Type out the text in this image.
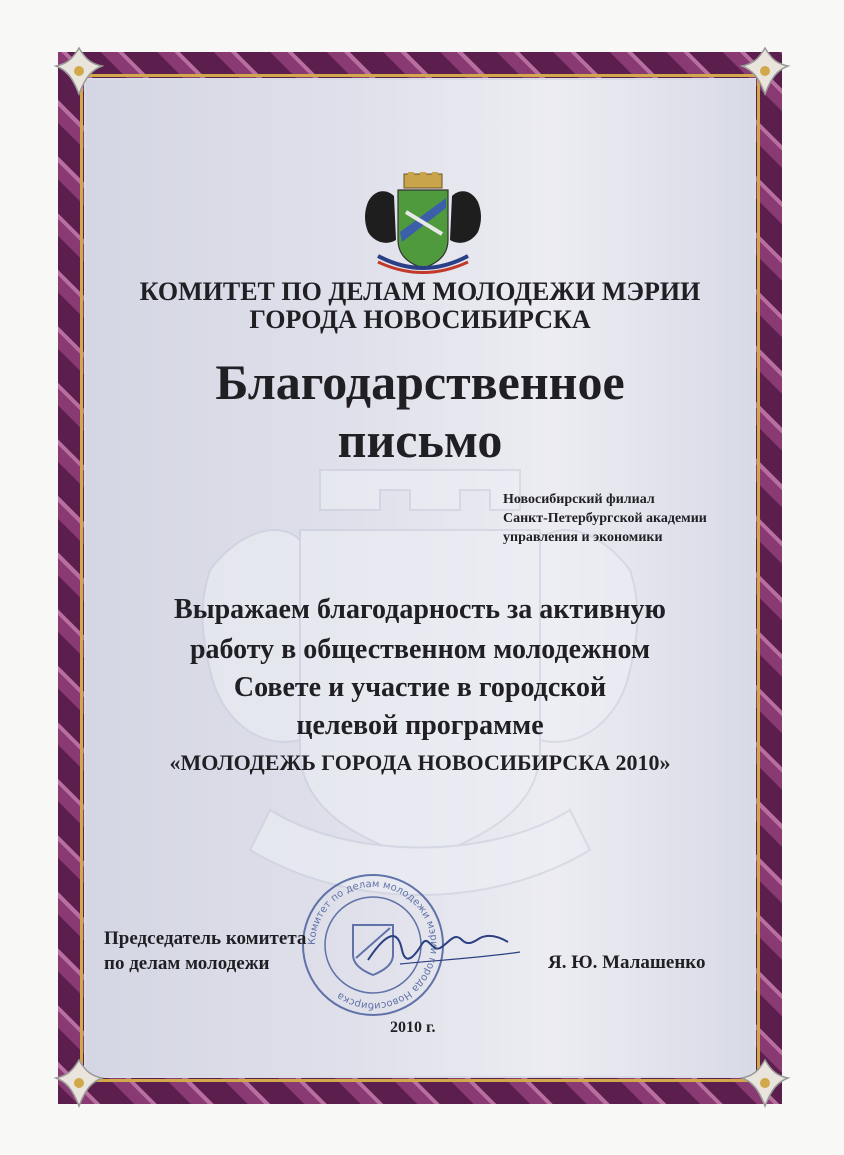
КОМИТЕТ ПО ДЕЛАМ МОЛОДЕЖИ МЭРИИ
ГОРОДА НОВОСИБИРСКА
Благодарственное
письмо
Новосибирский филиал
Санкт-Петербургской академии
управления и экономики
Выражаем благодарность за активную
работу в общественном молодежном
Совете и участие в городской
целевой программе
«МОЛОДЕЖЬ ГОРОДА НОВОСИБИРСКА 2010»
Комитет по делам молодежи мэрии города Новосибирска
Председатель комитета
по делам молодежи	Я. Ю. Малашенко
2010 г.
